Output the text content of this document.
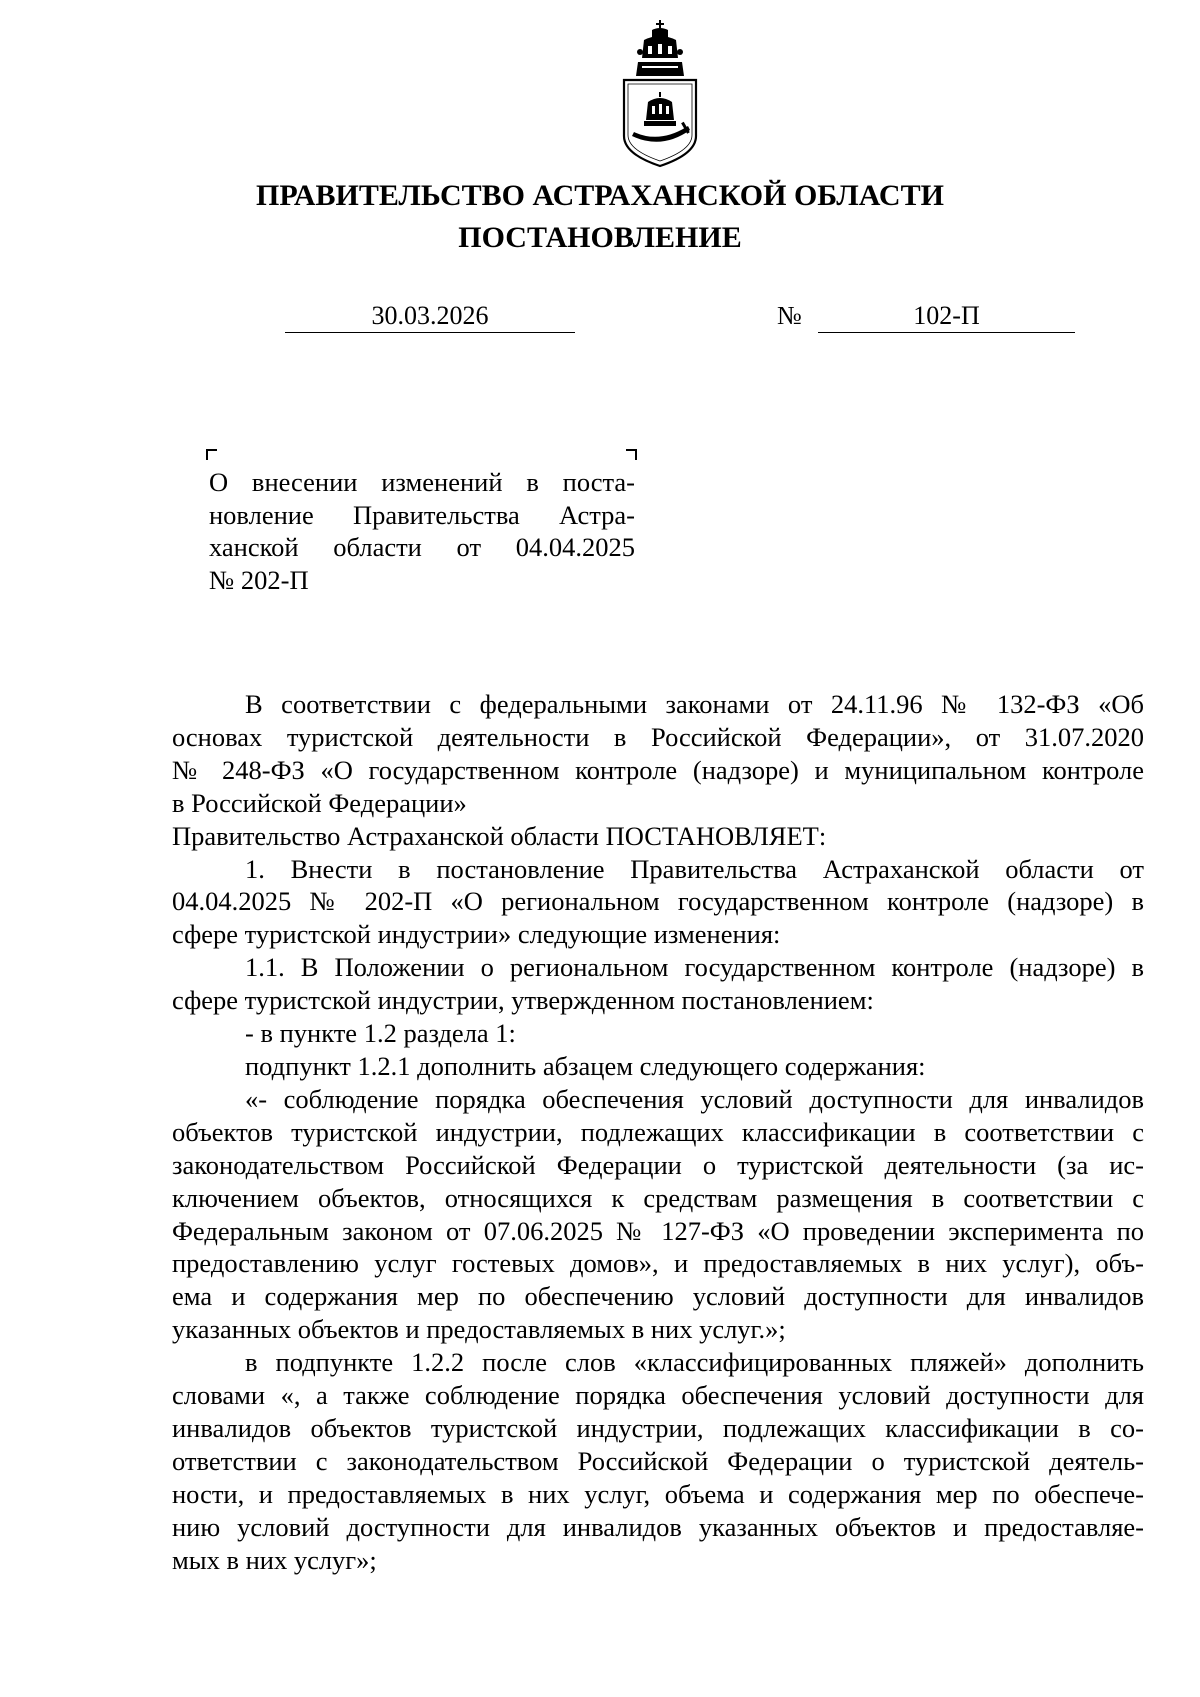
ПРАВИТЕЛЬСТВО АСТРАХАНСКОЙ ОБЛАСТИ
ПОСТАНОВЛЕНИЕ
30.03.2026	№	102-П
О внесении изменений в поста-
новление Правительства Астра-
ханской области от 04.04.2025
№ 202-П
В соответствии с федеральными законами от 24.11.96 № 132-ФЗ «Об
основах туристской деятельности в Российской Федерации», от 31.07.2020
№ 248-ФЗ «О государственном контроле (надзоре) и муниципальном контроле
в Российской Федерации»
Правительство Астраханской области ПОСТАНОВЛЯЕТ:
1. Внести в постановление Правительства Астраханской области от
04.04.2025 № 202-П «О региональном государственном контроле (надзоре) в
сфере туристской индустрии» следующие изменения:
1.1. В Положении о региональном государственном контроле (надзоре) в
сфере туристской индустрии, утвержденном постановлением:
- в пункте 1.2 раздела 1:
подпункт 1.2.1 дополнить абзацем следующего содержания:
«- соблюдение порядка обеспечения условий доступности для инвалидов
объектов туристской индустрии, подлежащих классификации в соответствии с
законодательством Российской Федерации о туристской деятельности (за ис-
ключением объектов, относящихся к средствам размещения в соответствии с
Федеральным законом от 07.06.2025 № 127-ФЗ «О проведении эксперимента по
предоставлению услуг гостевых домов», и предоставляемых в них услуг), объ-
ема и содержания мер по обеспечению условий доступности для инвалидов
указанных объектов и предоставляемых в них услуг.»;
в подпункте 1.2.2 после слов «классифицированных пляжей» дополнить
словами «, а также соблюдение порядка обеспечения условий доступности для
инвалидов объектов туристской индустрии, подлежащих классификации в со-
ответствии с законодательством Российской Федерации о туристской деятель-
ности, и предоставляемых в них услуг, объема и содержания мер по обеспече-
нию условий доступности для инвалидов указанных объектов и предоставляе-
мых в них услуг»;
